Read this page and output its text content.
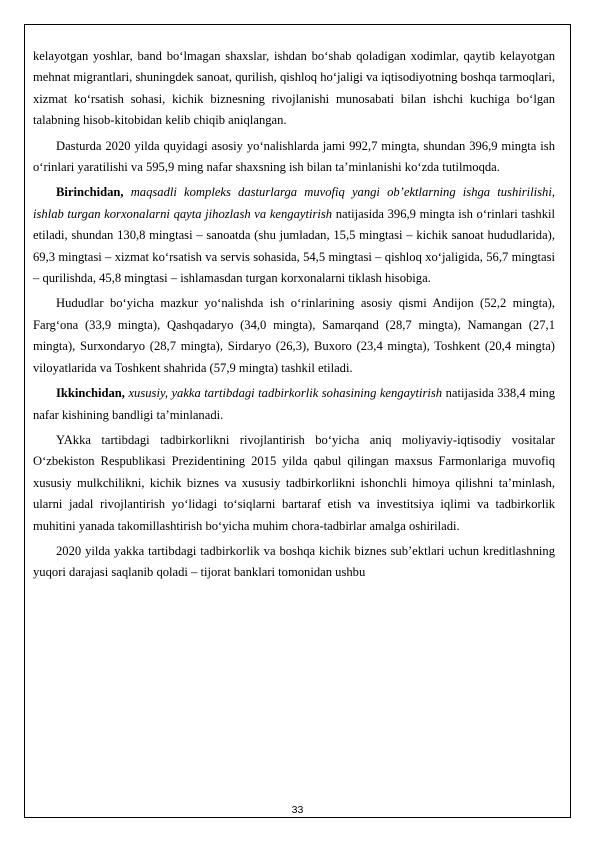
kelayotgan yoshlar, band bo‘lmagan shaxslar, ishdan bo‘shab qoladigan xodimlar, qaytib kelayotgan mehnat migrantlari, shuningdek sanoat, qurilish, qishloq ho‘jaligi va iqtisodiyotning boshqa tarmoqlari, xizmat ko‘rsatish sohasi, kichik biznesning rivojlanishi munosabati bilan ishchi kuchiga bo‘lgan talabning hisob-kitobidan kelib chiqib aniqlangan.

Dasturda 2020 yilda quyidagi asosiy yo‘nalishlarda jami 992,7 mingta, shundan 396,9 mingta ish o‘rinlari yaratilishi va 595,9 ming nafar shaxsning ish bilan ta’minlanishi ko‘zda tutilmoqda.

Birinchidan, maqsadli kompleks dasturlarga muvofiq yangi ob’ektlarning ishga tushirilishi, ishlab turgan korxonalarni qayta jihozlash va kengaytirish natijasida 396,9 mingta ish o‘rinlari tashkil etiladi, shundan 130,8 mingtasi – sanoatda (shu jumladan, 15,5 mingtasi – kichik sanoat hududlarida), 69,3 mingtasi – xizmat ko‘rsatish va servis sohasida, 54,5 mingtasi – qishloq xo‘jaligida, 56,7 mingtasi – qurilishda, 45,8 mingtasi – ishlamasdan turgan korxonalarni tiklash hisobiga.

Hududlar bo‘yicha mazkur yo‘nalishda ish o‘rinlarining asosiy qismi Andijon (52,2 mingta), Farg‘ona (33,9 mingta), Qashqadaryo (34,0 mingta), Samarqand (28,7 mingta), Namangan (27,1 mingta), Surxondaryo (28,7 mingta), Sirdaryo (26,3), Buxoro (23,4 mingta), Toshkent (20,4 mingta) viloyatlarida va Toshkent shahrida (57,9 mingta) tashkil etiladi.

Ikkinchidan, xususiy, yakka tartibdagi tadbirkorlik sohasining kengaytirish natijasida 338,4 ming nafar kishining bandligi ta’minlanadi.

YAkka tartibdagi tadbirkorlikni rivojlantirish bo‘yicha aniq moliyaviy-iqtisodiy vositalar O‘zbekiston Respublikasi Prezidentining 2015 yilda qabul qilingan maxsus Farmonlariga muvofiq xususiy mulkchilikni, kichik biznes va xususiy tadbirkorlikni ishonchli himoya qilishni ta’minlash, ularni jadal rivojlantirish yo‘lidagi to‘siqlarni bartaraf etish va investitsiya iqlimi va tadbirkorlik muhitini yanada takomillashtirish bo‘yicha muhim chora-tadbirlar amalga oshiriladi.

2020 yilda yakka tartibdagi tadbirkorlik va boshqa kichik biznes sub’ektlari uchun kreditlashning yuqori darajasi saqlanib qoladi – tijorat banklari tomonidan ushbu

33
